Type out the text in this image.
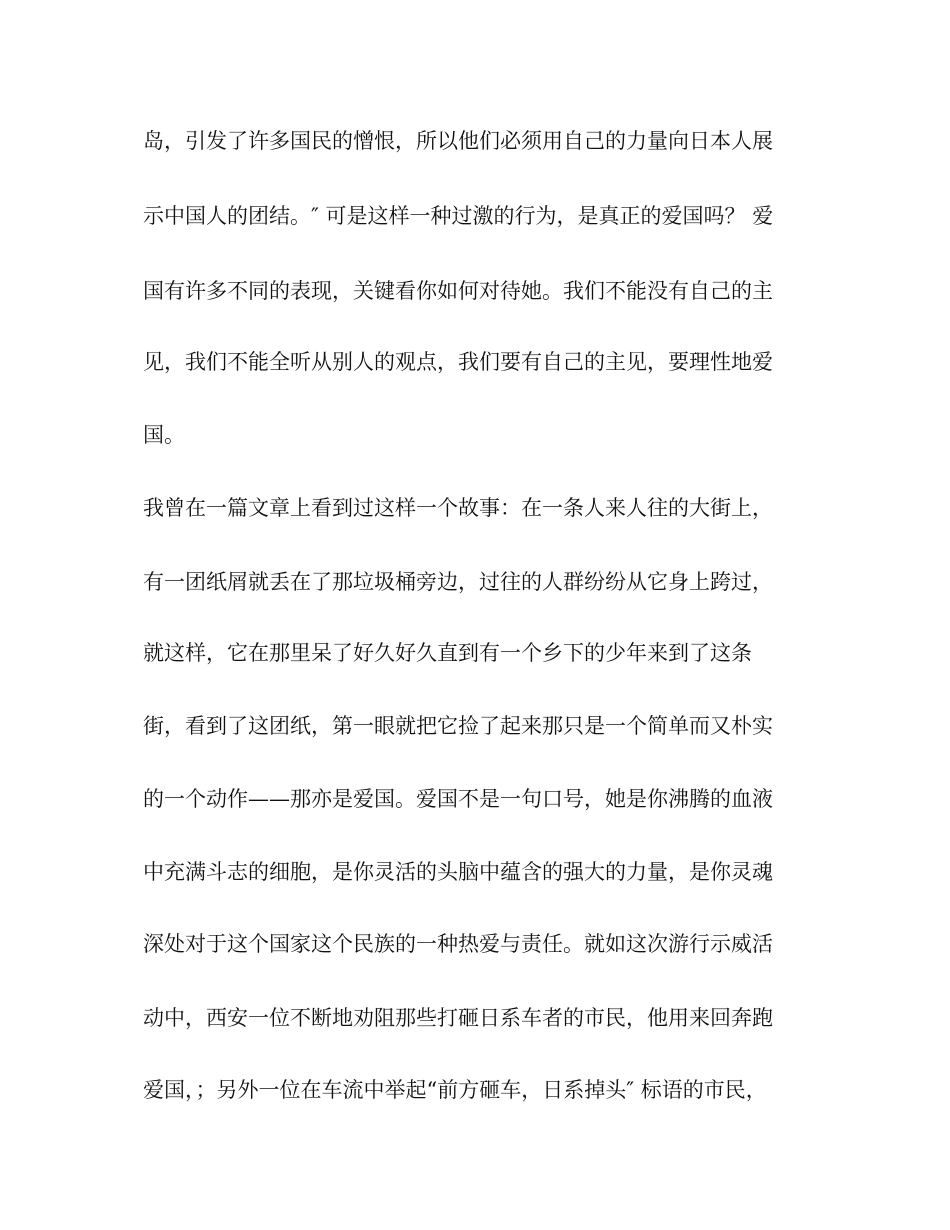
岛，引发了许多国民的憎恨，所以他们必须用自己的力量向日本人展
示中国人的团结。″ 可是这样一种过激的行为，是真正的爱国吗？ 爱
国有许多不同的表现，关键看你如何对待她。我们不能没有自己的主
见，我们不能全听从别人的观点，我们要有自己的主见，要理性地爱
国。
我曾在一篇文章上看到过这样一个故事：在一条人来人往的大街上，
有一团纸屑就丢在了那垃圾桶旁边，过往的人群纷纷从它身上跨过，
就这样，它在那里呆了好久好久直到有一个乡下的少年来到了这条
街，看到了这团纸，第一眼就把它捡了起来那只是一个简单而又朴实
的一个动作——那亦是爱国。爱国不是一句口号，她是你沸腾的血液
中充满斗志的细胞，是你灵活的头脑中蕴含的强大的力量，是你灵魂
深处对于这个国家这个民族的一种热爱与责任。就如这次游行示威活
动中，西安一位不断地劝阻那些打砸日系车者的市民，他用来回奔跑
爱国，；另外一位在车流中举起“前方砸车，日系掉头″ 标语的市民，
